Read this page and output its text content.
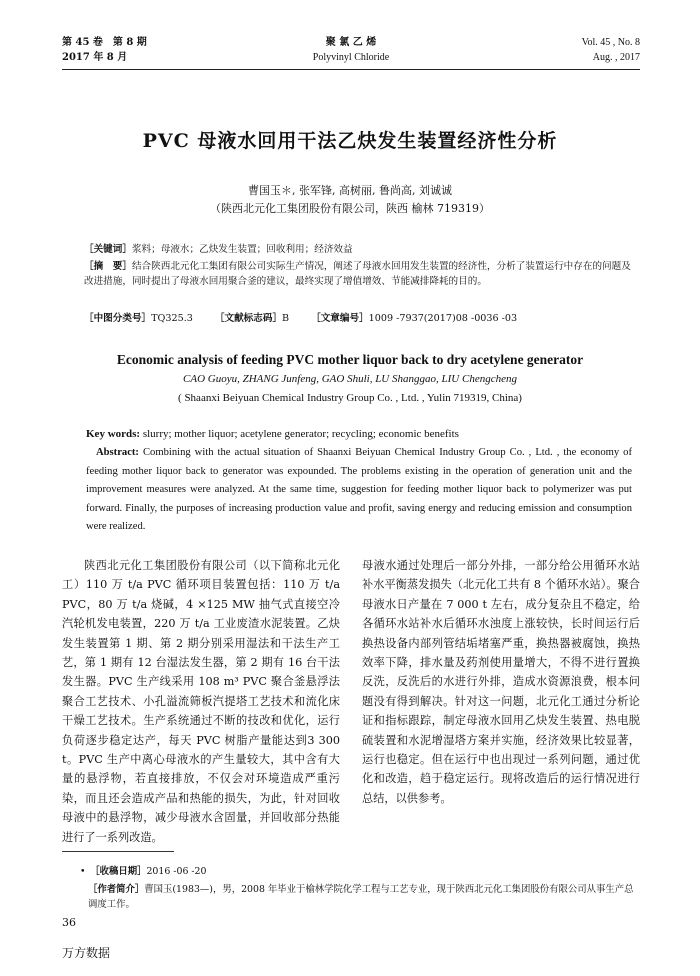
第 45 卷　第 8 期
2017 年 8 月
聚 氯 乙 烯
Polyvinyl Chloride
Vol. 45 , No. 8
Aug. , 2017
PVC 母液水回用干法乙炔发生装置经济性分析
曹国玉＊, 张军锋, 高树丽, 鲁尚高, 刘诚诚
（陕西北元化工集团股份有限公司，陕西 榆林 719319）
［关键词］浆料；母液水；乙炔发生装置；回收利用；经济效益
［摘　要］结合陕西北元化工集团有限公司实际生产情况，阐述了母液水回用发生装置的经济性，分析了装置运行中存在的问题及改进措施，同时提出了母液水回用聚合釜的建议，最终实现了增值增效、节能减排降耗的目的。
［中图分类号］TQ325.3 ［文献标志码］B ［文章编号］1009 -7937(2017)08 -0036 -03
Economic analysis of feeding PVC mother liquor back to dry acetylene generator
CAO Guoyu, ZHANG Junfeng, GAO Shuli, LU Shanggao, LIU Chengcheng
( Shaanxi Beiyuan Chemical Industry Group Co. , Ltd. , Yulin 719319, China)
Key words: slurry; mother liquor; acetylene generator; recycling; economic benefits
Abstract: Combining with the actual situation of Shaanxi Beiyuan Chemical Industry Group Co. , Ltd. , the economy of feeding mother liquor back to generator was expounded. The problems existing in the operation of generation unit and the improvement measures were analyzed. At the same time, suggestion for feeding mother liquor back to polymerizer was put forward. Finally, the purposes of increasing production value and profit, saving energy and reducing emission and consumption were realized.
陕西北元化工集团股份有限公司（以下简称北元化工）110 万 t/a PVC 循环项目装置包括：110 万 t/a PVC，80 万 t/a 烧碱，4 ×125 MW 抽气式直接空冷汽轮机发电装置，220 万 t/a 工业废渣水泥装置。乙炔发生装置第 1 期、第 2 期分别采用湿法和干法生产工艺，第 1 期有 12 台湿法发生器，第 2 期有 16 台干法发生器。PVC 生产线采用 108 m³ PVC 聚合釜悬浮法聚合工艺技术、小孔溢流筛板汽提塔工艺技术和流化床干燥工艺技术。生产系统通过不断的技改和优化，运行负荷逐步稳定达产，每天 PVC 树脂产量能达到3 300 t。PVC 生产中离心母液水的产生量较大，其中含有大量的悬浮物，若直接排放，不仅会对环境造成严重污染，而且还会造成产品和热能的损失，为此，针对回收母液中的悬浮物，减少母液水含固量，并回收部分热能进行了一系列改造。
母液水通过处理后一部分外排，一部分给公用循环水站补水平衡蒸发损失（北元化工共有 8 个循环水站）。聚合母液水日产量在 7 000 t 左右，成分复杂且不稳定，给各循环水站补水后循环水浊度上涨较快，长时间运行后换热设备内部列管结垢堵塞严重，换热器被腐蚀，换热效率下降，排水量及药剂使用量增大，不得不进行置换反洗，反洗后的水进行外排，造成水资源浪费，根本问题没有得到解决。针对这一问题，北元化工通过分析论证和指标跟踪，制定母液水回用乙炔发生装置、热电脱硫装置和水泥增湿塔方案并实施，经济效果比较显著，运行也稳定。但在运行中也出现过一系列问题，通过优化和改造，趋于稳定运行。现将改造后的运行情况进行总结，以供参考。
•　［收稿日期］2016 -06 -20
［作者简介］曹国玉(1983—)，男，2008 年毕业于榆林学院化学工程与工艺专业，现于陕西北元化工集团股份有限公司从事生产总调度工作。
36
万方数据
